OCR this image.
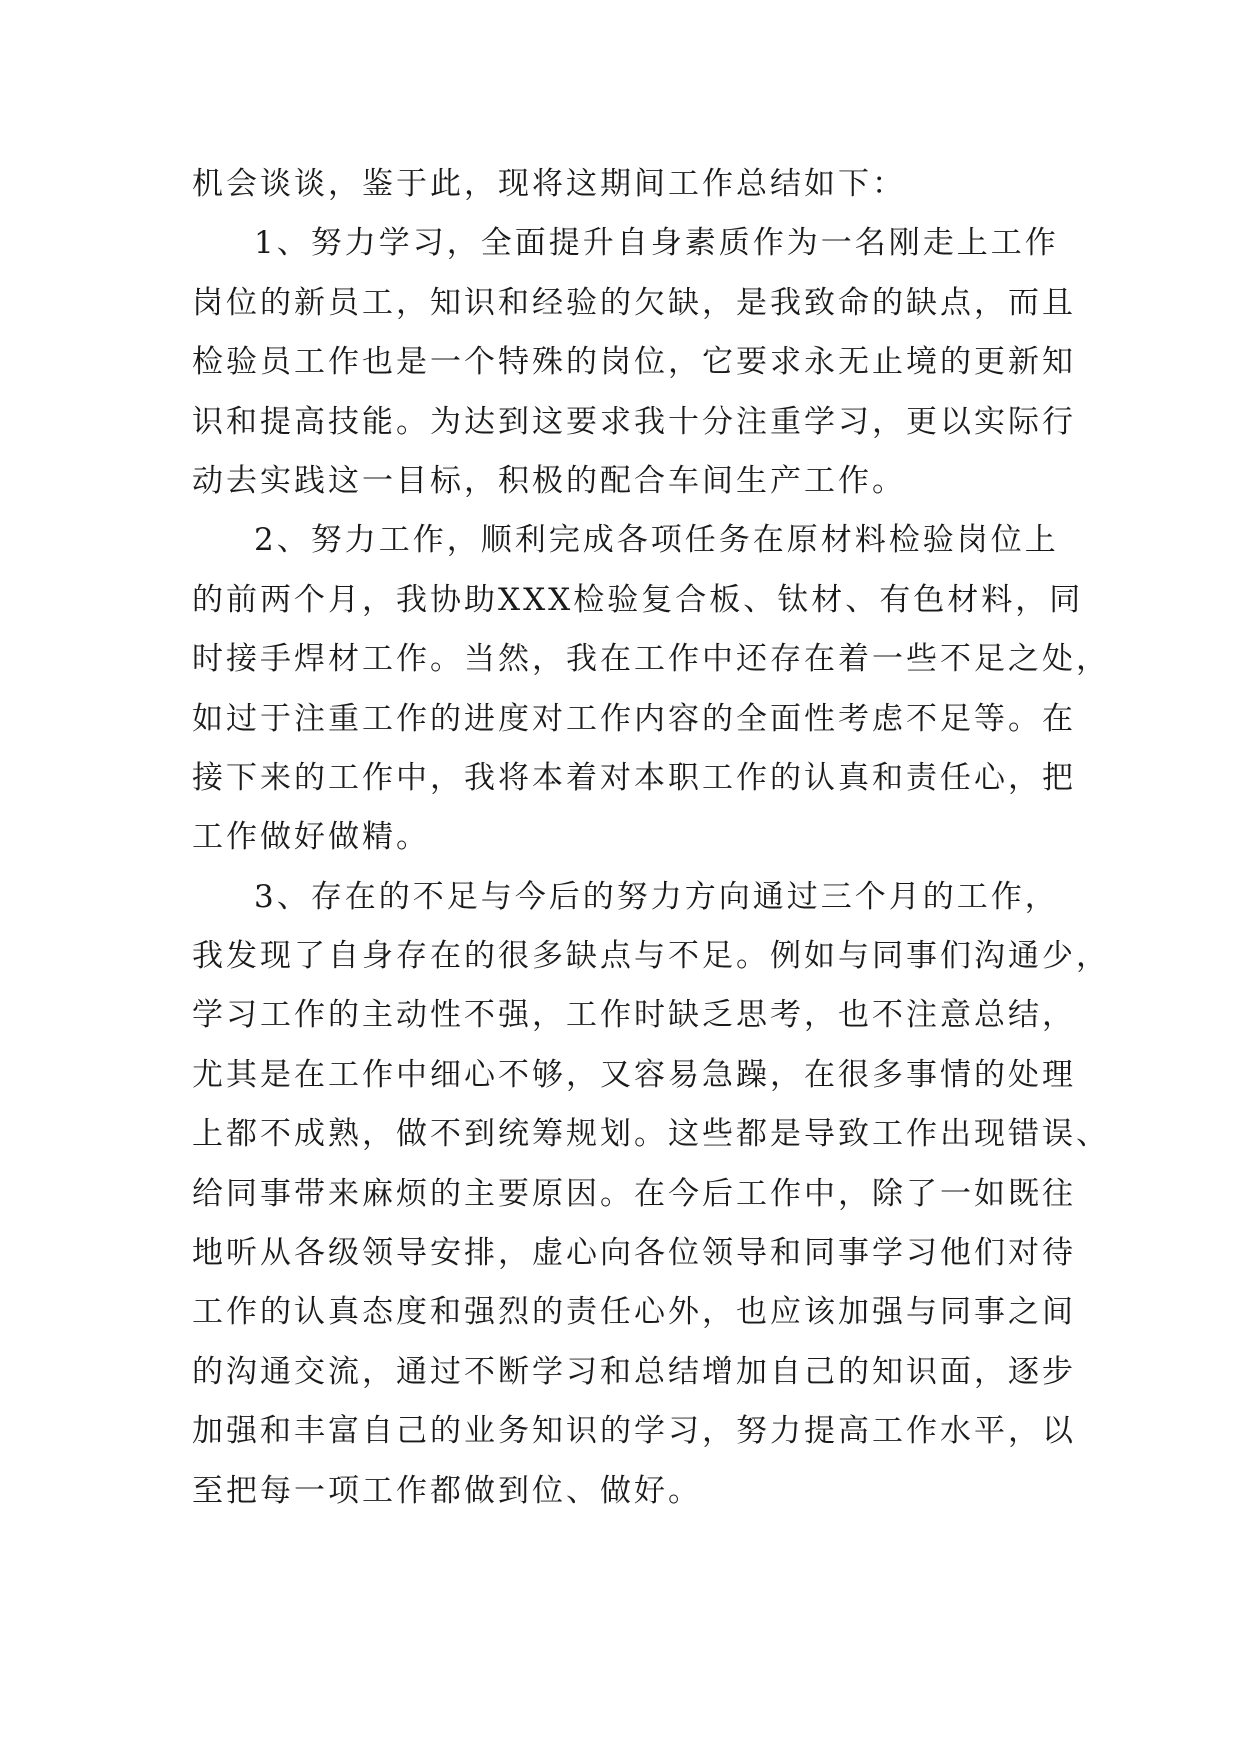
机会谈谈，鉴于此，现将这期间工作总结如下：
1、努力学习，全面提升自身素质作为一名刚走上工作
岗位的新员工，知识和经验的欠缺，是我致命的缺点，而且
检验员工作也是一个特殊的岗位，它要求永无止境的更新知
识和提高技能。为达到这要求我十分注重学习，更以实际行
动去实践这一目标，积极的配合车间生产工作。
2、努力工作，顺利完成各项任务在原材料检验岗位上
的前两个月，我协助XXX检验复合板、钛材、有色材料，同
时接手焊材工作。当然，我在工作中还存在着一些不足之处，
如过于注重工作的进度对工作内容的全面性考虑不足等。在
接下来的工作中，我将本着对本职工作的认真和责任心，把
工作做好做精。
3、存在的不足与今后的努力方向通过三个月的工作，
我发现了自身存在的很多缺点与不足。例如与同事们沟通少，
学习工作的主动性不强，工作时缺乏思考，也不注意总结，
尤其是在工作中细心不够，又容易急躁，在很多事情的处理
上都不成熟，做不到统筹规划。这些都是导致工作出现错误、
给同事带来麻烦的主要原因。在今后工作中，除了一如既往
地听从各级领导安排，虚心向各位领导和同事学习他们对待
工作的认真态度和强烈的责任心外，也应该加强与同事之间
的沟通交流，通过不断学习和总结增加自己的知识面，逐步
加强和丰富自己的业务知识的学习，努力提高工作水平，以
至把每一项工作都做到位、做好。
